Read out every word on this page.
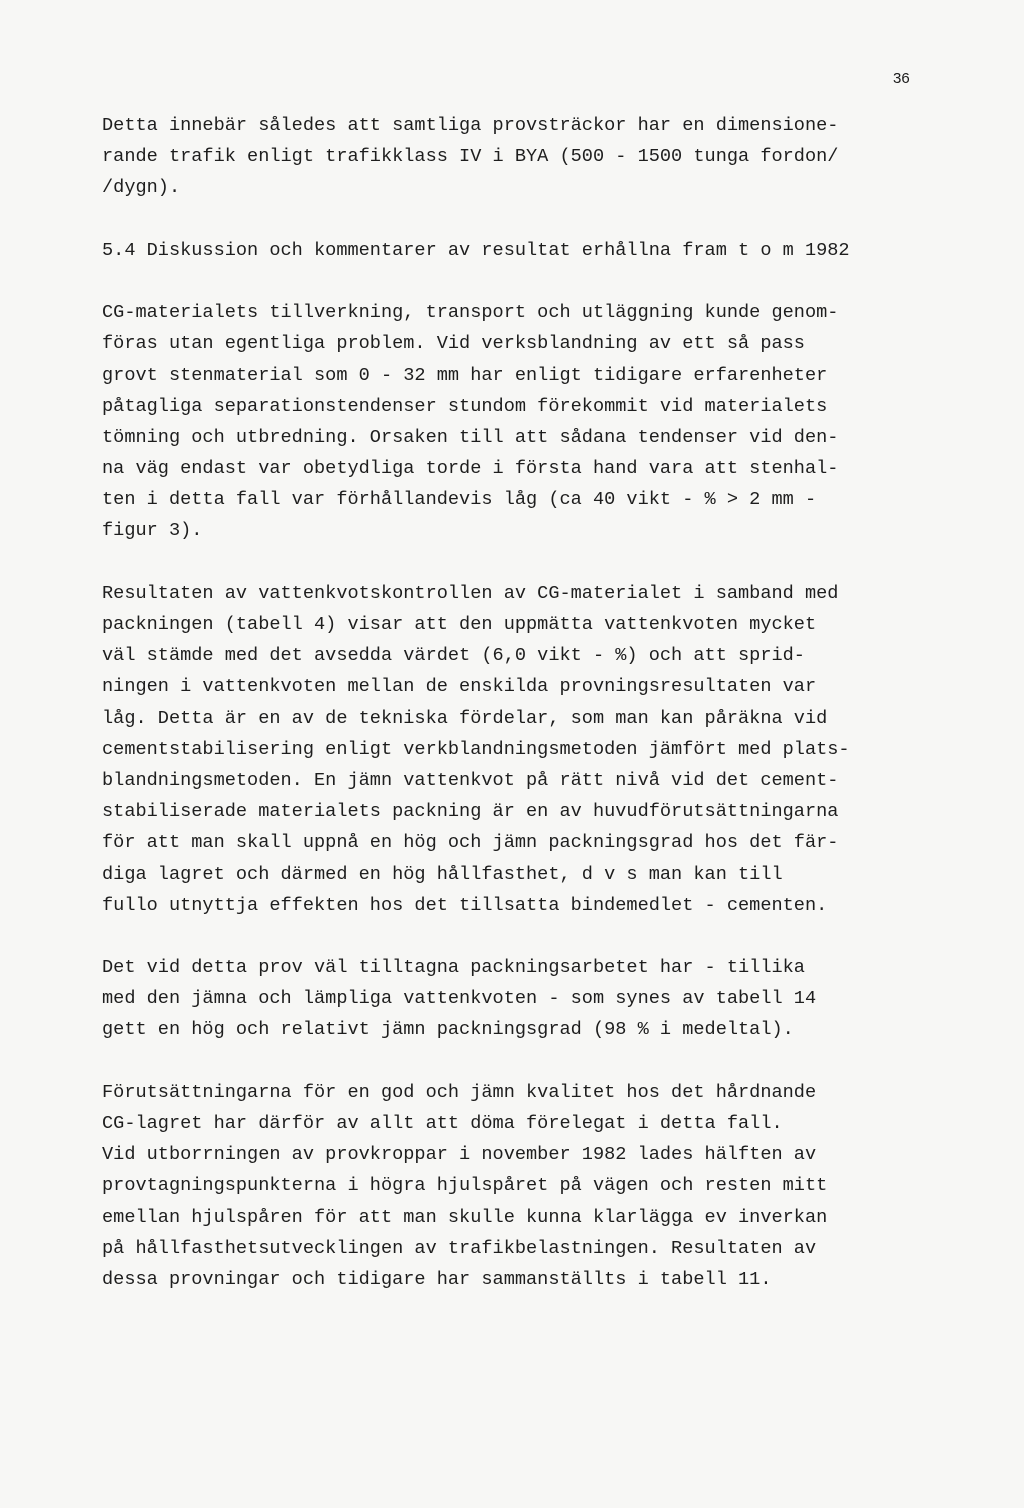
36
Detta innebär således att samtliga provsträckor har en dimensione-
rande trafik enligt trafikklass IV i BYA (500 - 1500 tunga fordon/
/dygn).
5.4 Diskussion och kommentarer av resultat erhållna fram t o m 1982
CG-materialets tillverkning, transport och utläggning kunde genom-
föras utan egentliga problem. Vid verksblandning av ett så pass
grovt stenmaterial som 0 - 32 mm har enligt tidigare erfarenheter
påtagliga separationstendenser stundom förekommit vid materialets
tömning och utbredning. Orsaken till att sådana tendenser vid den-
na väg endast var obetydliga torde i första hand vara att stenhal-
ten i detta fall var förhållandevis låg (ca 40 vikt - % > 2 mm -
figur 3).
Resultaten av vattenkvotskontrollen av CG-materialet i samband med
packningen (tabell 4) visar att den uppmätta vattenkvoten mycket
väl stämde med det avsedda värdet (6,0 vikt - %) och att sprid-
ningen i vattenkvoten mellan de enskilda provningsresultaten var
låg. Detta är en av de tekniska fördelar, som man kan påräkna vid
cementstabilisering enligt verkblandningsmetoden jämfört med plats-
blandningsmetoden. En jämn vattenkvot på rätt nivå vid det cement-
stabiliserade materialets packning är en av huvudförutsättningarna
för att man skall uppnå en hög och jämn packningsgrad hos det fär-
diga lagret och därmed en hög hållfasthet, d v s man kan till
fullo utnyttja effekten hos det tillsatta bindemedlet - cementen.
Det vid detta prov väl tilltagna packningsarbetet har - tillika
med den jämna och lämpliga vattenkvoten - som synes av tabell 14
gett en hög och relativt jämn packningsgrad (98 % i medeltal).
Förutsättningarna för en god och jämn kvalitet hos det hårdnande
CG-lagret har därför av allt att döma förelegat i detta fall.
Vid utborrningen av provkroppar i november 1982 lades hälften av
provtagningspunkterna i högra hjulspåret på vägen och resten mitt
emellan hjulspåren för att man skulle kunna klarlägga ev inverkan
på hållfasthetsutvecklingen av trafikbelastningen. Resultaten av
dessa provningar och tidigare har sammanställts i tabell 11.
